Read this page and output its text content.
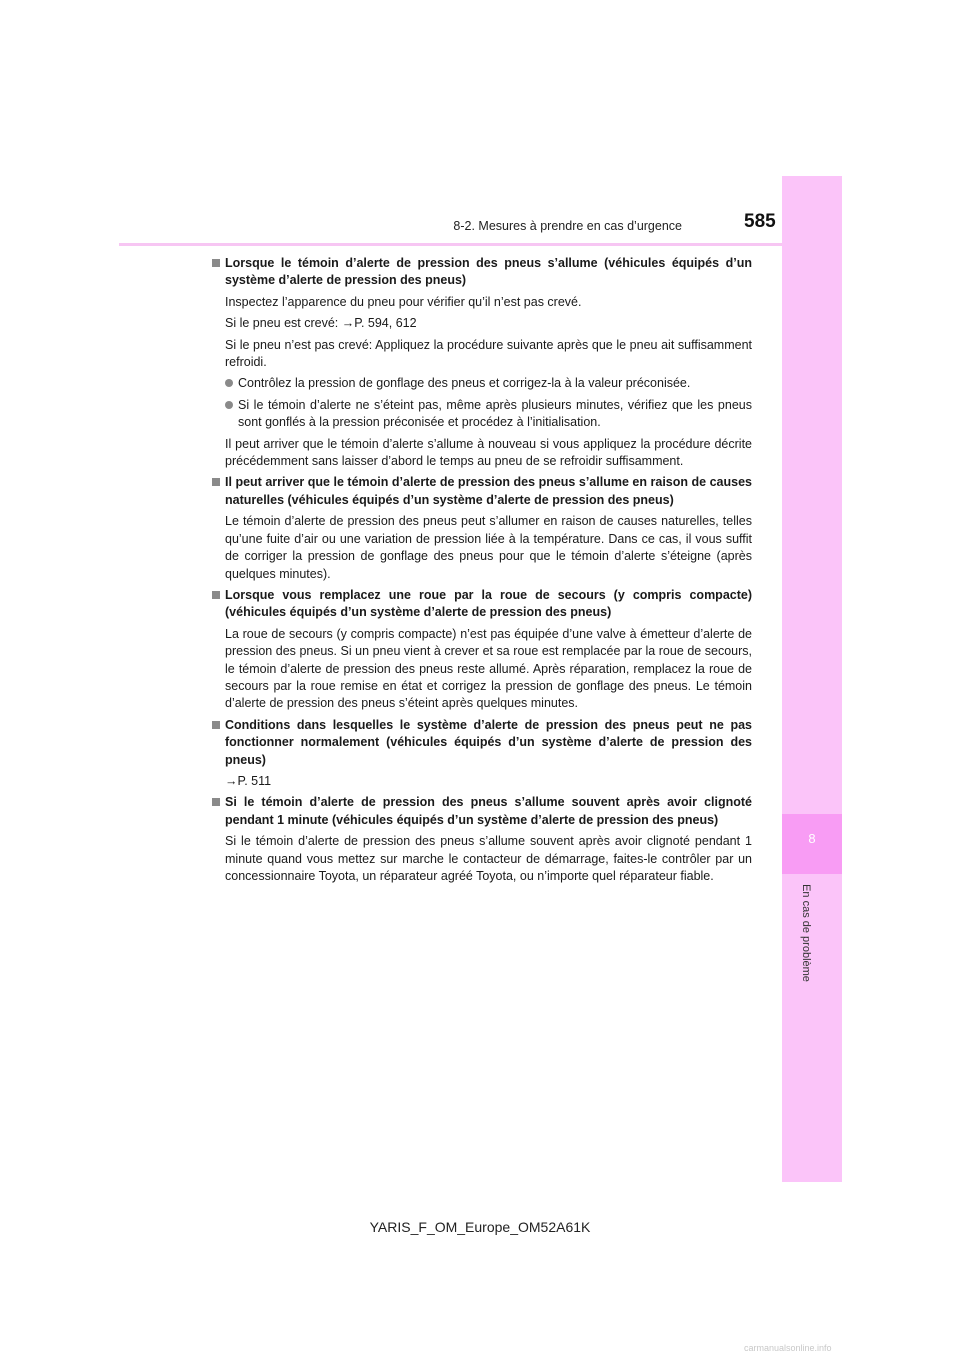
8-2. Mesures à prendre en cas d’urgence	585
8
En cas de problème
Lorsque le témoin d’alerte de pression des pneus s’allume (véhicules équipés d’un système d’alerte de pression des pneus)
Inspectez l’apparence du pneu pour vérifier qu’il n’est pas crevé.
Si le pneu est crevé: →P. 594, 612
Si le pneu n’est pas crevé: Appliquez la procédure suivante après que le pneu ait suffisamment refroidi.
Contrôlez la pression de gonflage des pneus et corrigez-la à la valeur préconisée.
Si le témoin d’alerte ne s’éteint pas, même après plusieurs minutes, vérifiez que les pneus sont gonflés à la pression préconisée et procédez à l’initialisation.
Il peut arriver que le témoin d’alerte s’allume à nouveau si vous appliquez la procédure décrite précédemment sans laisser d’abord le temps au pneu de se refroidir suffisamment.
Il peut arriver que le témoin d’alerte de pression des pneus s’allume en raison de causes naturelles (véhicules équipés d’un système d’alerte de pression des pneus)
Le témoin d’alerte de pression des pneus peut s’allumer en raison de causes naturelles, telles qu’une fuite d’air ou une variation de pression liée à la température. Dans ce cas, il vous suffit de corriger la pression de gonflage des pneus pour que le témoin d’alerte s’éteigne (après quelques minutes).
Lorsque vous remplacez une roue par la roue de secours (y compris compacte) (véhicules équipés d’un système d’alerte de pression des pneus)
La roue de secours (y compris compacte) n’est pas équipée d’une valve à émetteur d’alerte de pression des pneus. Si un pneu vient à crever et sa roue est remplacée par la roue de secours, le témoin d’alerte de pression des pneus reste allumé. Après réparation, remplacez la roue de secours par la roue remise en état et corrigez la pression de gonflage des pneus. Le témoin d’alerte de pression des pneus s’éteint après quelques minutes.
Conditions dans lesquelles le système d’alerte de pression des pneus peut ne pas fonctionner normalement (véhicules équipés d’un système d’alerte de pression des pneus)
→P. 511
Si le témoin d’alerte de pression des pneus s’allume souvent après avoir clignoté pendant 1 minute (véhicules équipés d’un système d’alerte de pression des pneus)
Si le témoin d’alerte de pression des pneus s’allume souvent après avoir clignoté pendant 1 minute quand vous mettez sur marche le contacteur de démarrage, faites-le contrôler par un concessionnaire Toyota, un réparateur agréé Toyota, ou n’importe quel réparateur fiable.
YARIS_F_OM_Europe_OM52A61K
carmanualsonline.info
